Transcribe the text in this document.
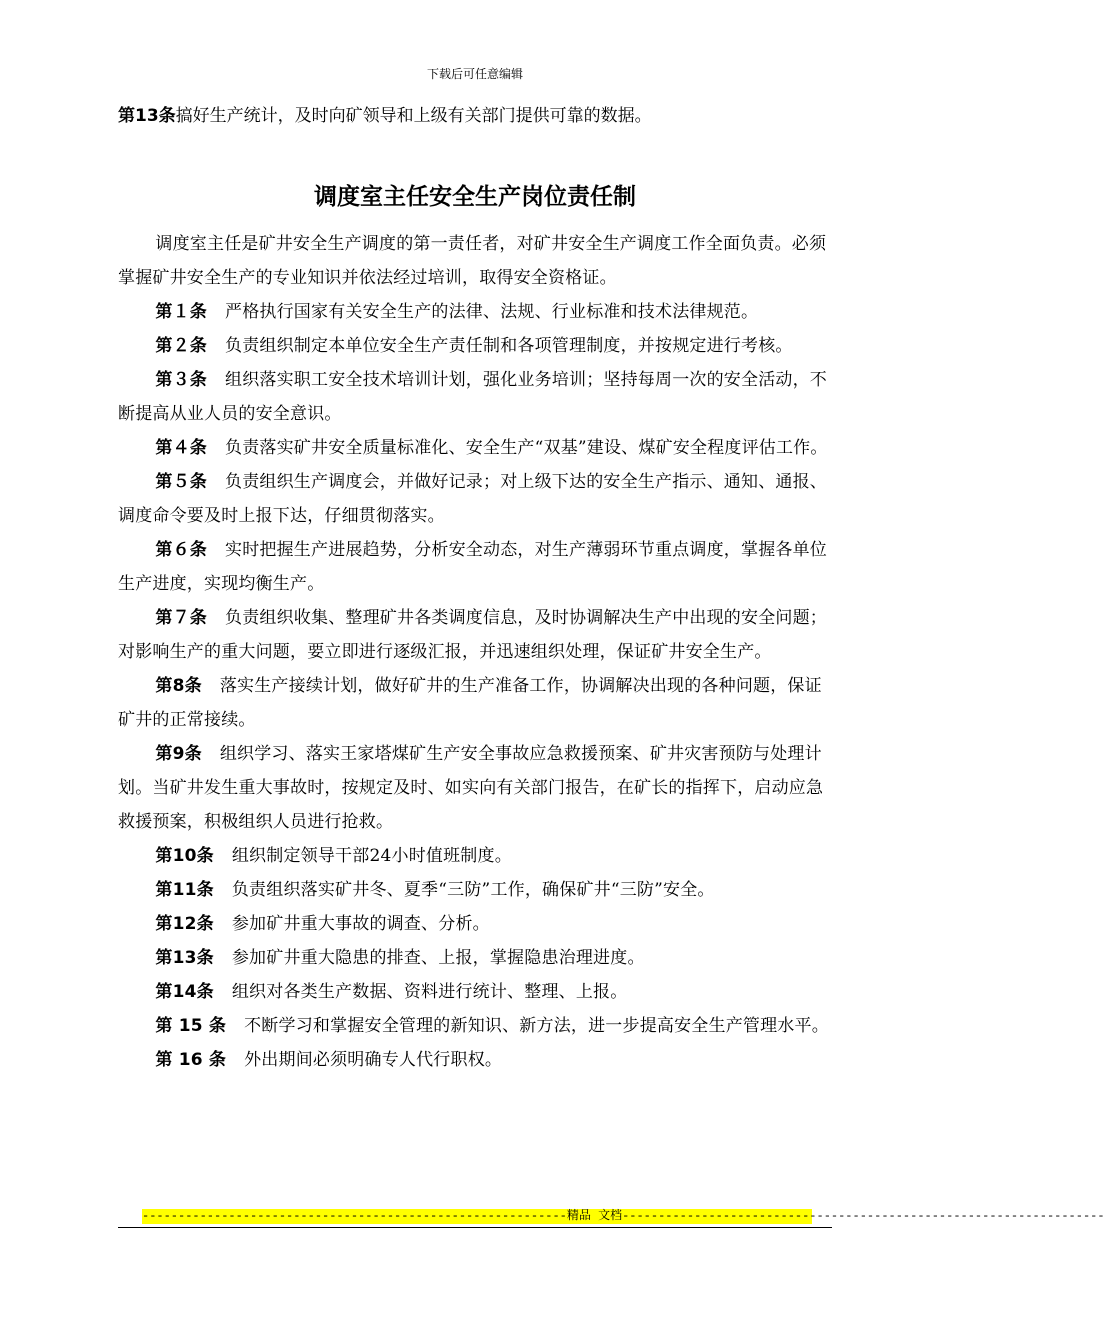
下载后可任意编辑
第13条搞好生产统计，及时向矿领导和上级有关部门提供可靠的数据。
调度室主任安全生产岗位责任制

调度室主任是矿井安全生产调度的第一责任者，对矿井安全生产调度工作全面负责。必须掌握矿井安全生产的专业知识并依法经过培训，取得安全资格证。

第１条 严格执行国家有关安全生产的法律、法规、行业标准和技术法律规范。

第２条 负责组织制定本单位安全生产责任制和各项管理制度，并按规定进行考核。

第３条 组织落实职工安全技术培训计划，强化业务培训；坚持每周一次的安全活动，不断提高从业人员的安全意识。

第４条 负责落实矿井安全质量标准化、安全生产“双基”建设、煤矿安全程度评估工作。

第５条 负责组织生产调度会，并做好记录；对上级下达的安全生产指示、通知、通报、调度命令要及时上报下达，仔细贯彻落实。

第６条 实时把握生产进展趋势，分析安全动态，对生产薄弱环节重点调度，掌握各单位生产进度，实现均衡生产。

第７条 负责组织收集、整理矿井各类调度信息，及时协调解决生产中出现的安全问题；对影响生产的重大问题，要立即进行逐级汇报，并迅速组织处理，保证矿井安全生产。

第8条 落实生产接续计划，做好矿井的生产准备工作，协调解决出现的各种问题，保证矿井的正常接续。

第9条 组织学习、落实王家塔煤矿生产安全事故应急救援预案、矿井灾害预防与处理计划。当矿井发生重大事故时，按规定及时、如实向有关部门报告，在矿长的指挥下，启动应急救援预案，积极组织人员进行抢救。

第10条 组织制定领导干部24小时值班制度。

第11条 负责组织落实矿井冬、夏季“三防”工作，确保矿井“三防”安全。

第12条 参加矿井重大事故的调查、分析。

第13条 参加矿井重大隐患的排查、上报，掌握隐患治理进度。

第14条 组织对各类生产数据、资料进行统计、整理、上报。

第 15 条 不断学习和掌握安全管理的新知识、新方法，进一步提高安全生产管理水平。

第 16 条 外出期间必须明确专人代行职权。

-----------------------------------------------------------精品 文档-------------------------------------------------------------------
